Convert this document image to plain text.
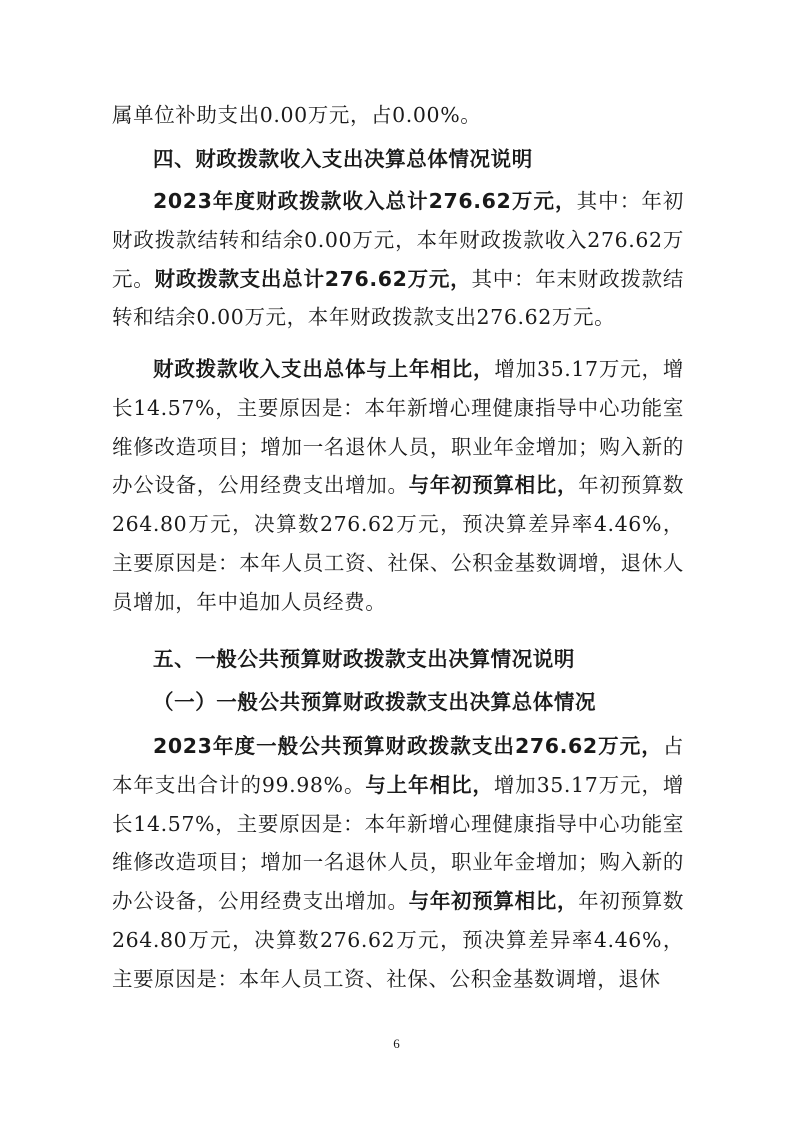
属单位补助支出0.00万元，占0.00%。

四、财政拨款收入支出决算总体情况说明

2023年度财政拨款收入总计276.62万元，其中：年初财政拨款结转和结余0.00万元，本年财政拨款收入276.62万元。财政拨款支出总计276.62万元，其中：年末财政拨款结转和结余0.00万元，本年财政拨款支出276.62万元。

财政拨款收入支出总体与上年相比，增加35.17万元，增长14.57%，主要原因是：本年新增心理健康指导中心功能室维修改造项目；增加一名退休人员，职业年金增加；购入新的办公设备，公用经费支出增加。与年初预算相比，年初预算数264.80万元，决算数276.62万元，预决算差异率4.46%，主要原因是：本年人员工资、社保、公积金基数调增，退休人员增加，年中追加人员经费。

五、一般公共预算财政拨款支出决算情况说明

（一）一般公共预算财政拨款支出决算总体情况

2023年度一般公共预算财政拨款支出276.62万元，占本年支出合计的99.98%。与上年相比，增加35.17万元，增长14.57%，主要原因是：本年新增心理健康指导中心功能室维修改造项目；增加一名退休人员，职业年金增加；购入新的办公设备，公用经费支出增加。与年初预算相比，年初预算数264.80万元，决算数276.62万元，预决算差异率4.46%，主要原因是：本年人员工资、社保、公积金基数调增，退休

6
